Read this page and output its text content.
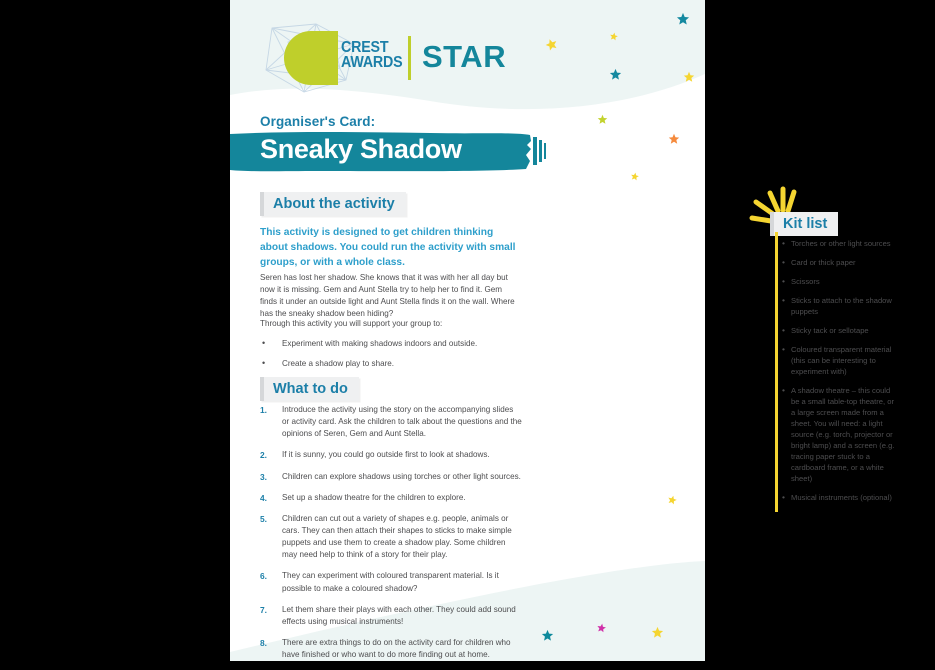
CREST
AWARDS STAR
Organiser's Card:
Sneaky Shadow
About the activity
This activity is designed to get children thinking about shadows. You could run the activity with small groups, or with a whole class.
Seren has lost her shadow. She knows that it was with her all day but now it is missing. Gem and Aunt Stella try to help her to find it. Gem finds it under an outside light and Aunt Stella finds it on the wall. Where has the sneaky shadow been hiding?
Through this activity you will support your group to:
• Experiment with making shadows indoors and outside.
• Create a shadow play to share.
What to do
1. Introduce the activity using the story on the accompanying slides or activity card. Ask the children to talk about the questions and the opinions of Seren, Gem and Aunt Stella.
2. If it is sunny, you could go outside first to look at shadows.
3. Children can explore shadows using torches or other light sources.
4. Set up a shadow theatre for the children to explore.
5. Children can cut out a variety of shapes e.g. people, animals or cars. They can then attach their shapes to sticks to make simple puppets and use them to create a shadow play. Some children may need help to think of a story for their play.
6. They can experiment with coloured transparent material. Is it possible to make a coloured shadow?
7. Let them share their plays with each other. They could add sound effects using musical instruments!
8. There are extra things to do on the activity card for children who have finished or who want to do more finding out at home.
Kit list
• Torches or other light sources
• Card or thick paper
• Scissors
• Sticks to attach to the shadow puppets
• Sticky tack or sellotape
• Coloured transparent material (this can be interesting to experiment with)
• A shadow theatre – this could be a small table-top theatre, or a large screen made from a sheet. You will need: a light source (e.g. torch, projector or bright lamp) and a screen (e.g. tracing paper stuck to a cardboard frame, or a white sheet)
• Musical instruments (optional)
